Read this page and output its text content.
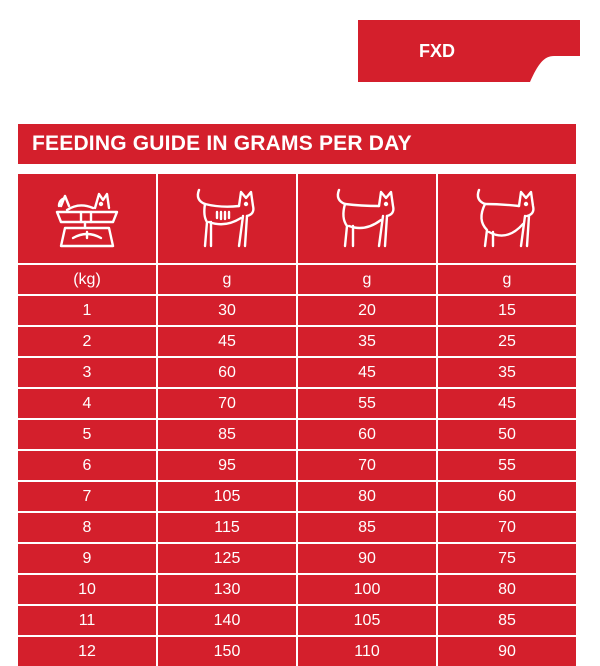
FXD
FEEDING GUIDE IN GRAMS PER DAY
(kg)	g	g	g
1	30	20	15
2	45	35	25
3	60	45	35
4	70	55	45
5	85	60	50
6	95	70	55
7	105	80	60
8	115	85	70
9	125	90	75
10	130	100	80
11	140	105	85
12	150	110	90
